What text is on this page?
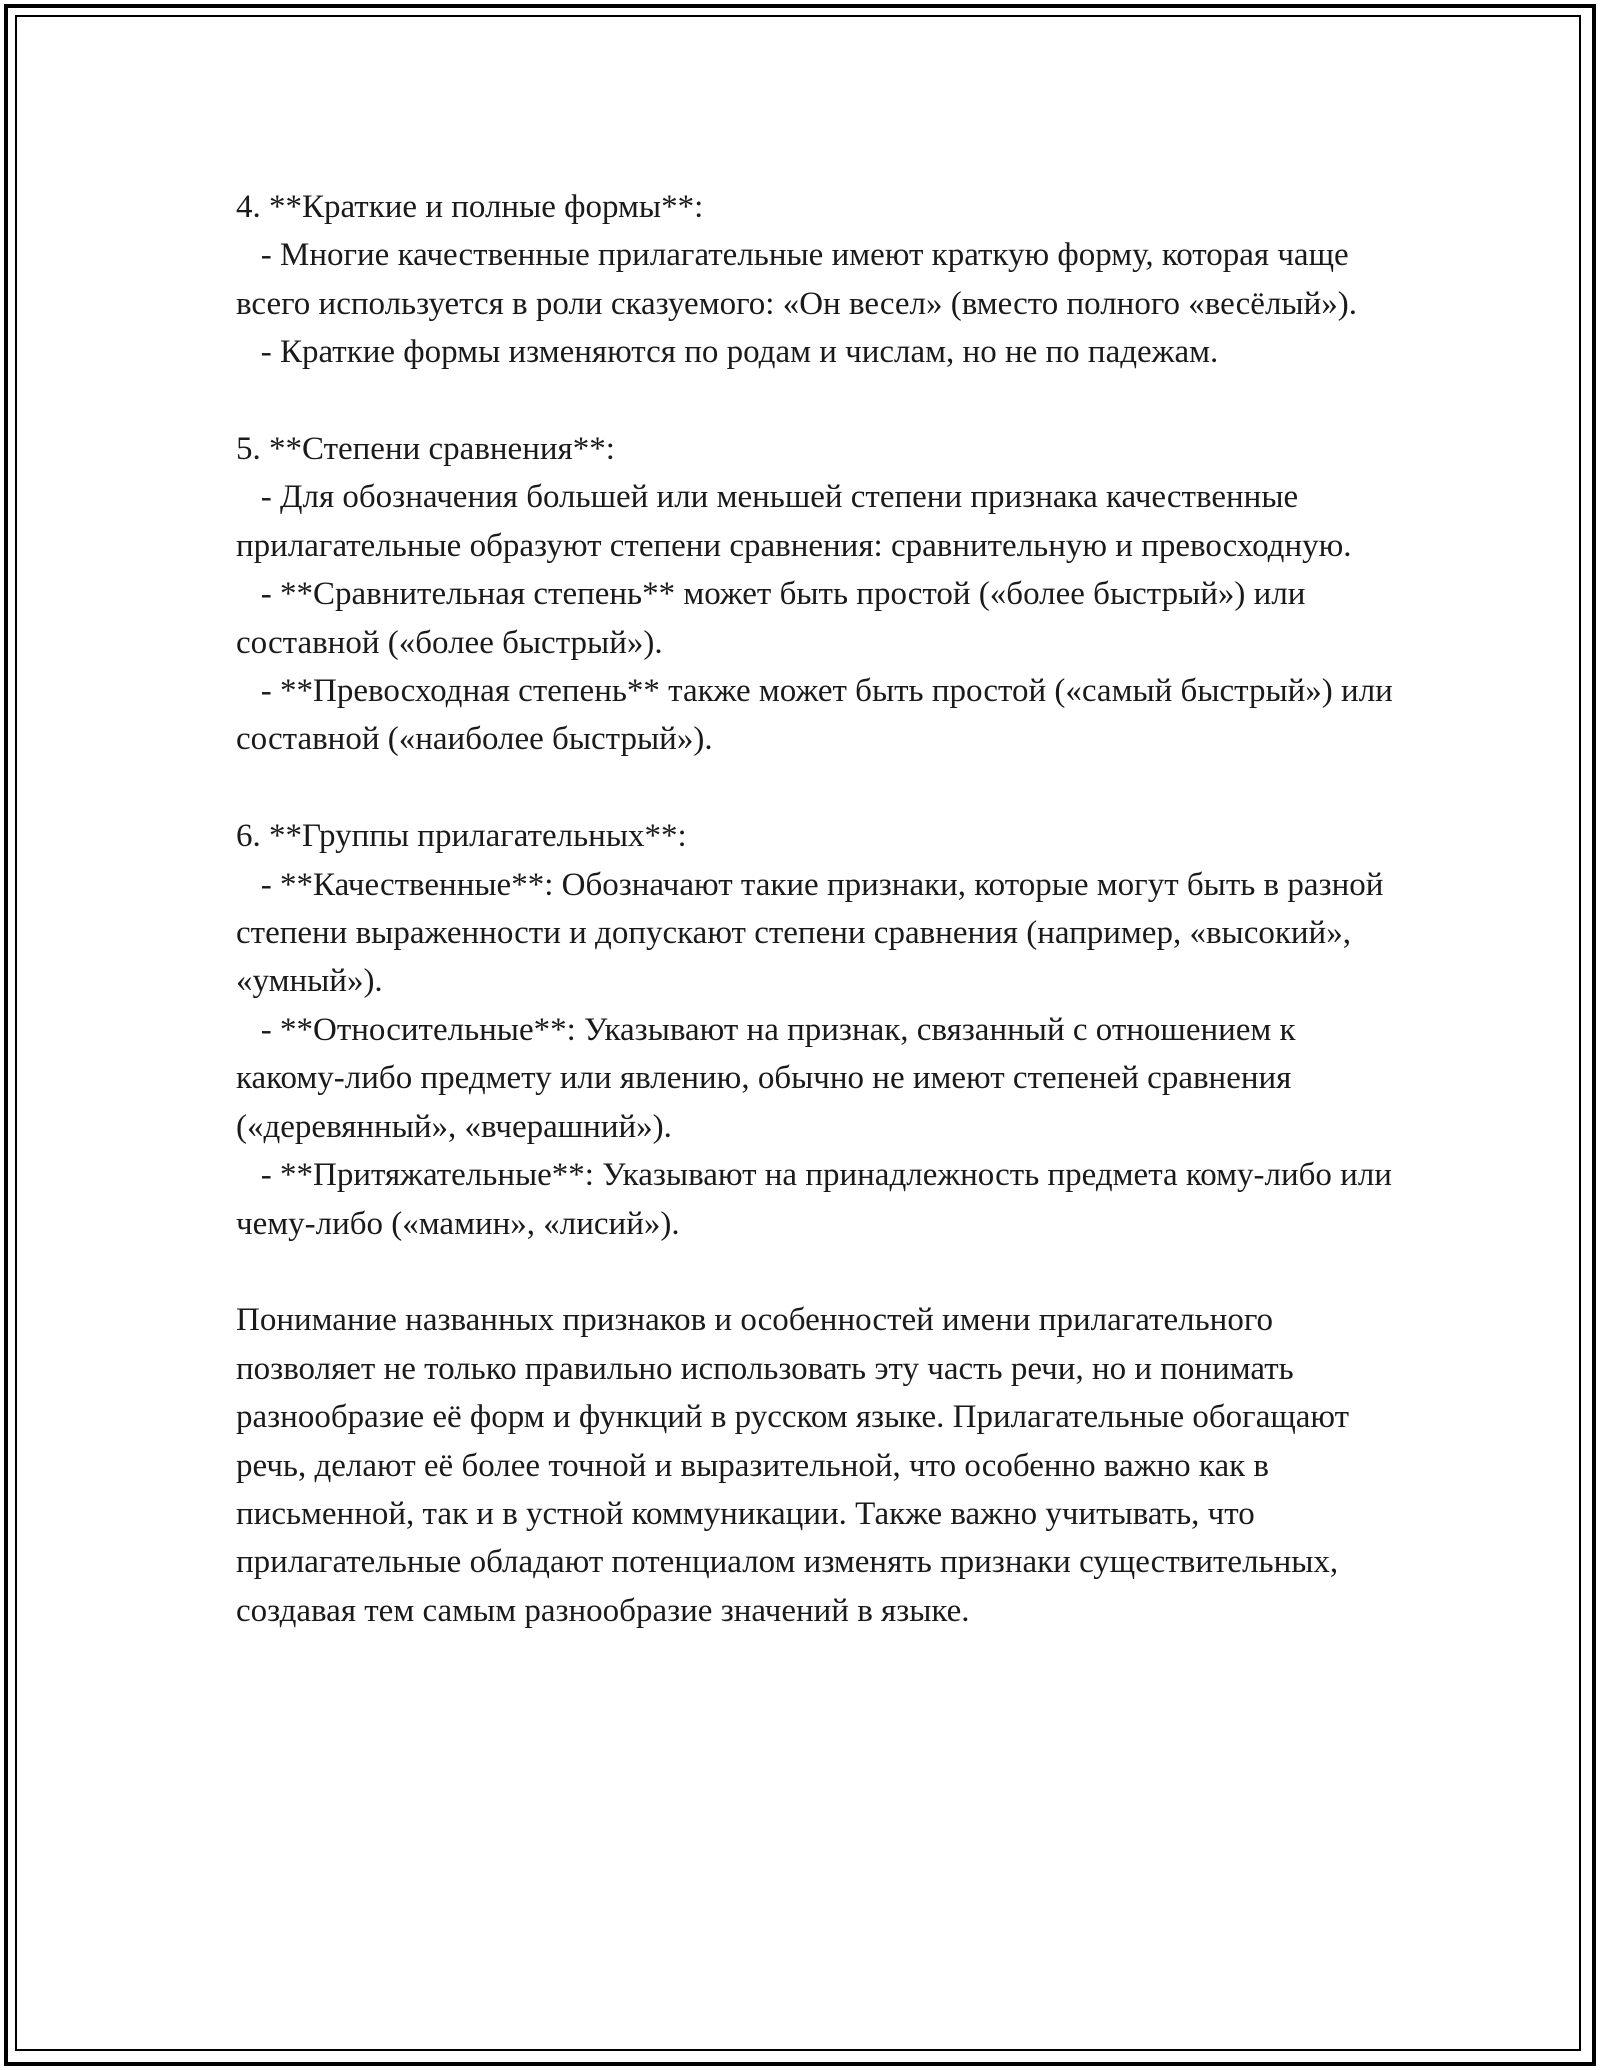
4. **Краткие и полные формы**:

- Многие качественные прилагательные имеют краткую форму, которая чаще всего используется в роли сказуемого: «Он весел» (вместо полного «весёлый»).

- Краткие формы изменяются по родам и числам, но не по падежам.

5. **Степени сравнения**:

- Для обозначения большей или меньшей степени признака качественные прилагательные образуют степени сравнения: сравнительную и превосходную.

- **Сравнительная степень** может быть простой («более быстрый») или составной («более быстрый»).

- **Превосходная степень** также может быть простой («самый быстрый») или составной («наиболее быстрый»).

6. **Группы прилагательных**:

- **Качественные**: Обозначают такие признаки, которые могут быть в разной степени выраженности и допускают степени сравнения (например, «высокий», «умный»).

- **Относительные**: Указывают на признак, связанный с отношением к какому-либо предмету или явлению, обычно не имеют степеней сравнения («деревянный», «вчерашний»).

- **Притяжательные**: Указывают на принадлежность предмета кому-либо или чему-либо («мамин», «лисий»).

Понимание названных признаков и особенностей имени прилагательного позволяет не только правильно использовать эту часть речи, но и понимать разнообразие её форм и функций в русском языке. Прилагательные обогащают речь, делают её более точной и выразительной, что особенно важно как в письменной, так и в устной коммуникации. Также важно учитывать, что прилагательные обладают потенциалом изменять признаки существительных, создавая тем самым разнообразие значений в языке.
